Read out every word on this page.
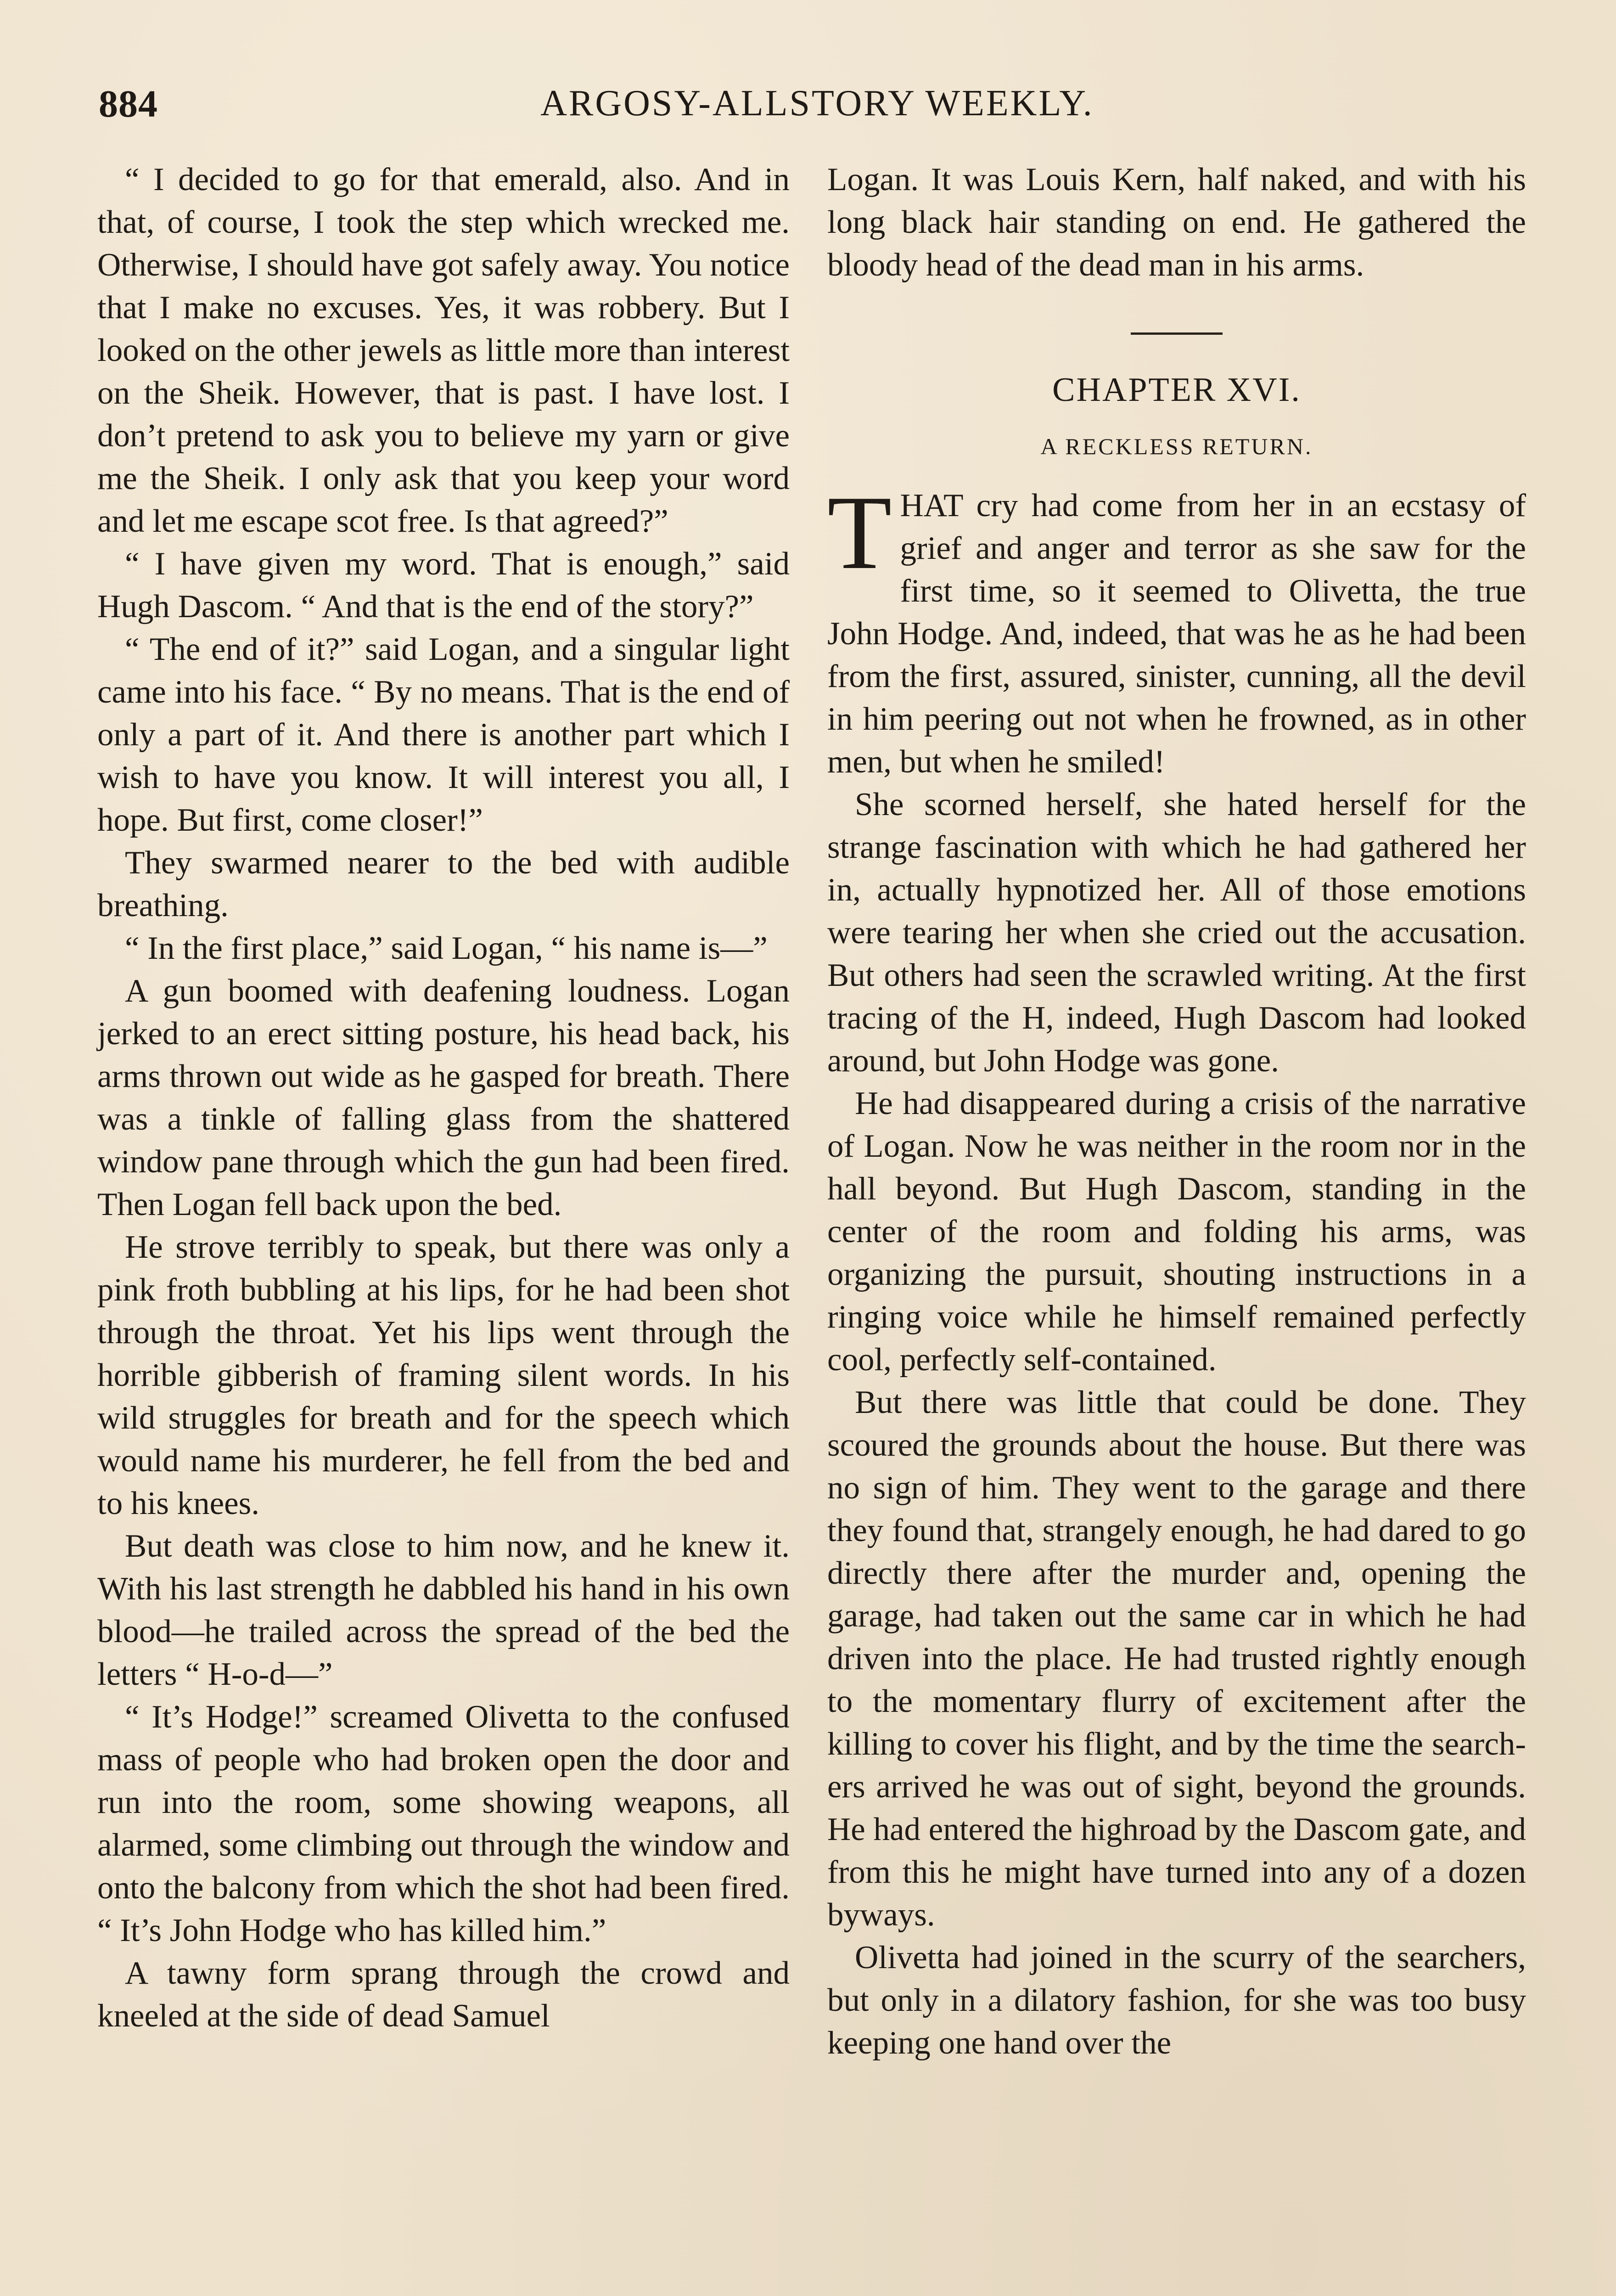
884	ARGOSY-ALLSTORY WEEKLY.

“ I decided to go for that emerald, also. And in that, of course, I took the step which wrecked me. Otherwise, I should have got safely away. You notice that I make no excuses. Yes, it was robbery. But I looked on the other jewels as little more than interest on the Sheik. However, that is past. I have lost. I don’t pretend to ask you to believe my yarn or give me the Sheik. I only ask that you keep your word and let me escape scot free. Is that agreed?”

“ I have given my word. That is enough,” said Hugh Dascom. “ And that is the end of the story?”

“ The end of it?” said Logan, and a singular light came into his face. “ By no means. That is the end of only a part of it. And there is another part which I wish to have you know. It will interest you all, I hope. But first, come closer!”

They swarmed nearer to the bed with audible breathing.

“ In the first place,” said Logan, “ his name is—”

A gun boomed with deafening loudness. Logan jerked to an erect sitting posture, his head back, his arms thrown out wide as he gasped for breath. There was a tinkle of falling glass from the shattered window pane through which the gun had been fired. Then Logan fell back upon the bed.

He strove terribly to speak, but there was only a pink froth bubbling at his lips, for he had been shot through the throat. Yet his lips went through the horrible gibberish of framing silent words. In his wild struggles for breath and for the speech which would name his murderer, he fell from the bed and to his knees.

But death was close to him now, and he knew it. With his last strength he dabbled his hand in his own blood—he trailed across the spread of the bed the letters “ H-o-d—”

“ It’s Hodge!” screamed Olivetta to the confused mass of people who had broken open the door and run into the room, some showing weapons, all alarmed, some climbing out through the window and onto the balcony from which the shot had been fired. “ It’s John Hodge who has killed him.”

A tawny form sprang through the crowd and kneeled at the side of dead Samuel

Logan. It was Louis Kern, half naked, and with his long black hair standing on end. He gathered the bloody head of the dead man in his arms.

CHAPTER XVI.
A RECKLESS RETURN.

THAT cry had come from her in an ecstasy of grief and anger and terror as she saw for the first time, so it seemed to Olivetta, the true John Hodge. And, indeed, that was he as he had been from the first, assured, sinister, cunning, all the devil in him peering out not when he frowned, as in other men, but when he smiled!

She scorned herself, she hated herself for the strange fascination with which he had gathered her in, actually hypnotized her. All of those emotions were tearing her when she cried out the accusation. But others had seen the scrawled writing. At the first tracing of the H, indeed, Hugh Dascom had looked around, but John Hodge was gone.

He had disappeared during a crisis of the narrative of Logan. Now he was neither in the room nor in the hall beyond. But Hugh Dascom, standing in the center of the room and folding his arms, was organizing the pursuit, shouting instructions in a ringing voice while he himself remained perfectly cool, perfectly self-contained.

But there was little that could be done. They scoured the grounds about the house. But there was no sign of him. They went to the garage and there they found that, strangely enough, he had dared to go directly there after the murder and, opening the garage, had taken out the same car in which he had driven into the place. He had trusted rightly enough to the momentary flurry of excitement after the killing to cover his flight, and by the time the searchers arrived he was out of sight, beyond the grounds. He had entered the highroad by the Dascom gate, and from this he might have turned into any of a dozen byways.

Olivetta had joined in the scurry of the searchers, but only in a dilatory fashion, for she was too busy keeping one hand over the
